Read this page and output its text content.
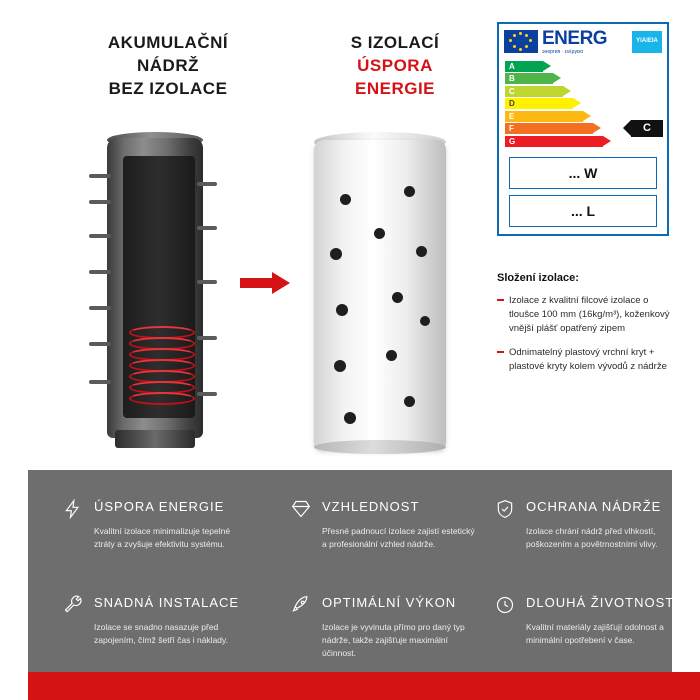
AKUMULAČNÍ
NÁDRŽ
BEZ IZOLACE
S IZOLACÍ
ÚSPORA
ENERGIE
ENERG
энергия · ενέργεια
YIA IE IA
A
B
C
D
E
F
G
C
... W
... L
Složení izolace:
Izolace z kvalitní filcové izolace o tloušce 100 mm (16kg/m³), koženkový vnější plášť opatřený zipem
Odnimatelný plastový vrchní kryt + plastové kryty kolem vývodů z nádrže
ÚSPORA ENERGIE
Kvalitní izolace minimalizuje tepelné ztráty a zvyšuje efektivitu systému.
VZHLEDNOST
Přesné padnoucí izolace zajistí estetický a profesionální vzhled nádrže.
OCHRANA NÁDRŽE
Izolace chrání nádrž před vlhkostí, poškozením a povětrnostními vlivy.
SNADNÁ INSTALACE
Izolace se snadno nasazuje před zapojením, čímž šetří čas i náklady.
OPTIMÁLNÍ VÝKON
Izolace je vyvinuta přímo pro daný typ nádrže, takže zajišťuje maximální účinnost.
DLOUHÁ ŽIVOTNOST
Kvalitní materiály zajišťují odolnost a minimální opotřebení v čase.
